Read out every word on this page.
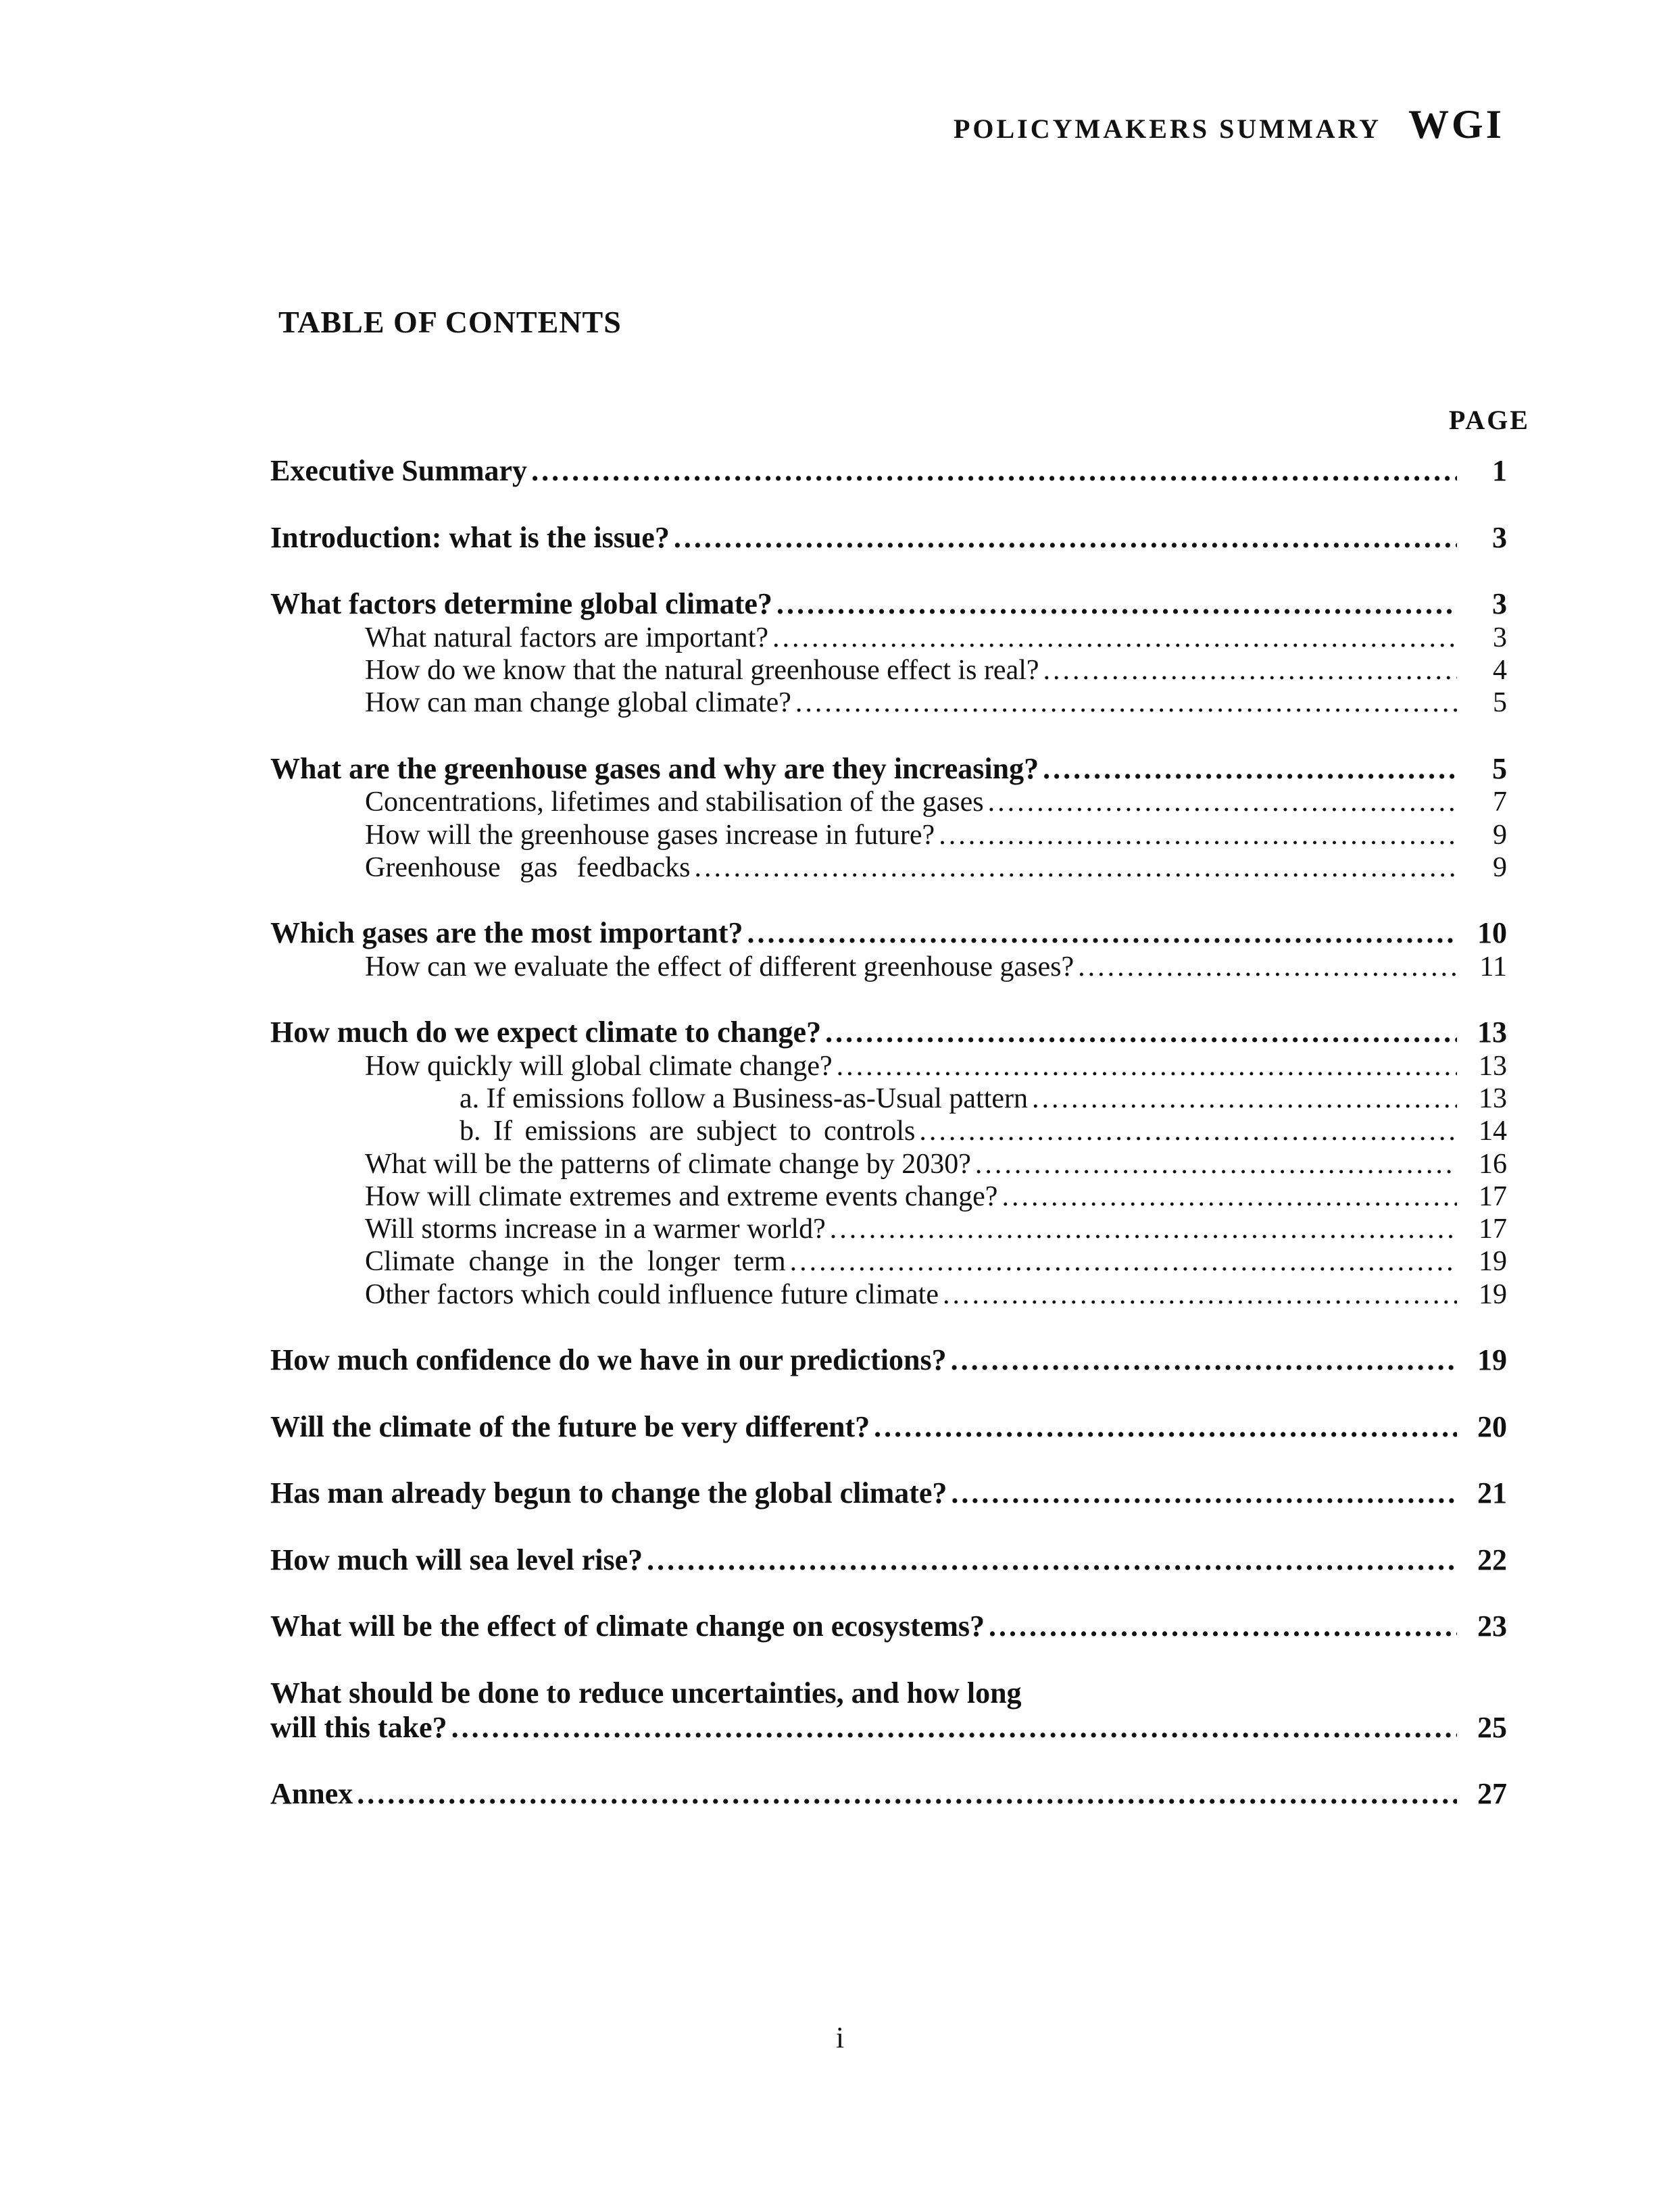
POLICYMAKERS SUMMARY WGI
TABLE OF CONTENTS
PAGE
Executive Summary .....	1
Introduction: what is the issue? .....	3
What factors determine global climate? .....	3
What natural factors are important? .....	3
How do we know that the natural greenhouse effect is real? .....	4
How can man change global climate? .....	5
What are the greenhouse gases and why are they increasing? .....	5
Concentrations, lifetimes and stabilisation of the gases .....	7
How will the greenhouse gases increase in future? .....	9
Greenhouse gas feedbacks .....	9
Which gases are the most important? .....	10
How can we evaluate the effect of different greenhouse gases? .....	11
How much do we expect climate to change? .....	13
How quickly will global climate change? .....	13
a. If emissions follow a Business-as-Usual pattern .....	13
b. If emissions are subject to controls .....	14
What will be the patterns of climate change by 2030? .....	16
How will climate extremes and extreme events change? .....	17
Will storms increase in a warmer world? .....	17
Climate change in the longer term .....	19
Other factors which could influence future climate .....	19
How much confidence do we have in our predictions? .....	19
Will the climate of the future be very different? .....	20
Has man already begun to change the global climate? .....	21
How much will sea level rise? .....	22
What will be the effect of climate change on ecosystems? .....	23
What should be done to reduce uncertainties, and how long
will this take? .....	25
Annex .....	27
i
